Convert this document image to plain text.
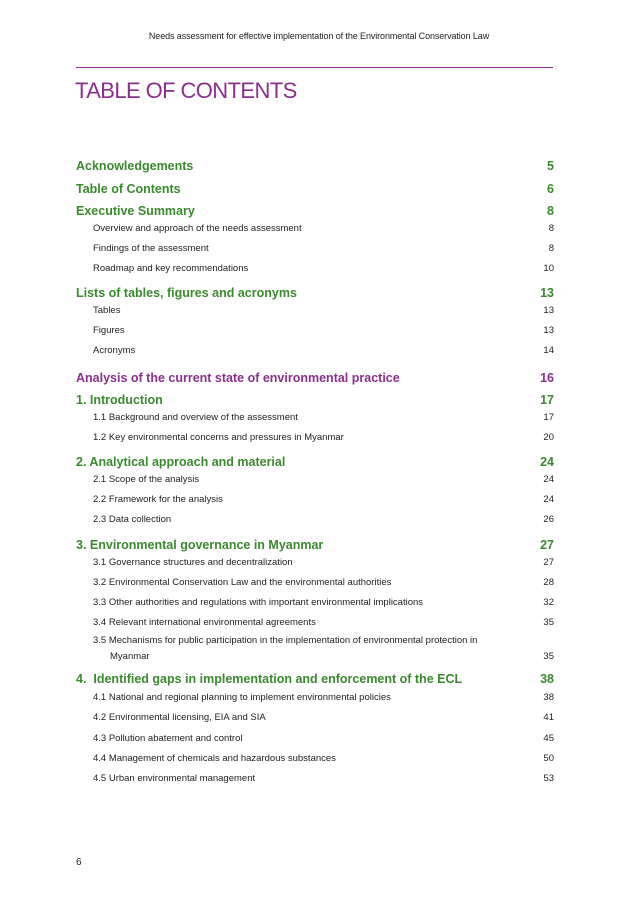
Needs assessment for effective implementation of the Environmental Conservation Law
TABLE OF CONTENTS
Acknowledgements	5
Table of Contents	6
Executive Summary	8
Overview and approach of the needs assessment	8
Findings of the assessment	8
Roadmap and key recommendations	10
Lists of tables, figures and acronyms	13
Tables	13
Figures	13
Acronyms	14
Analysis of the current state of environmental practice	16
1. Introduction	17
1.1 Background and overview of the assessment	17
1.2 Key environmental concerns and pressures in Myanmar	20
2. Analytical approach and material	24
2.1 Scope of the analysis	24
2.2 Framework for the analysis	24
2.3 Data collection	26
3. Environmental governance in Myanmar	27
3.1 Governance structures and decentralization	27
3.2 Environmental Conservation Law and the environmental authorities	28
3.3 Other authorities and regulations with important environmental implications	32
3.4 Relevant international environmental agreements	35
3.5 Mechanisms for public participation in the implementation of environmental protection in
Myanmar	35
4.  Identified gaps in implementation and enforcement of the ECL	38
4.1 National and regional planning to implement environmental policies	38
4.2 Environmental licensing, EIA and SIA	41
4.3 Pollution abatement and control	45
4.4 Management of chemicals and hazardous substances	50
4.5 Urban environmental management	53
6
